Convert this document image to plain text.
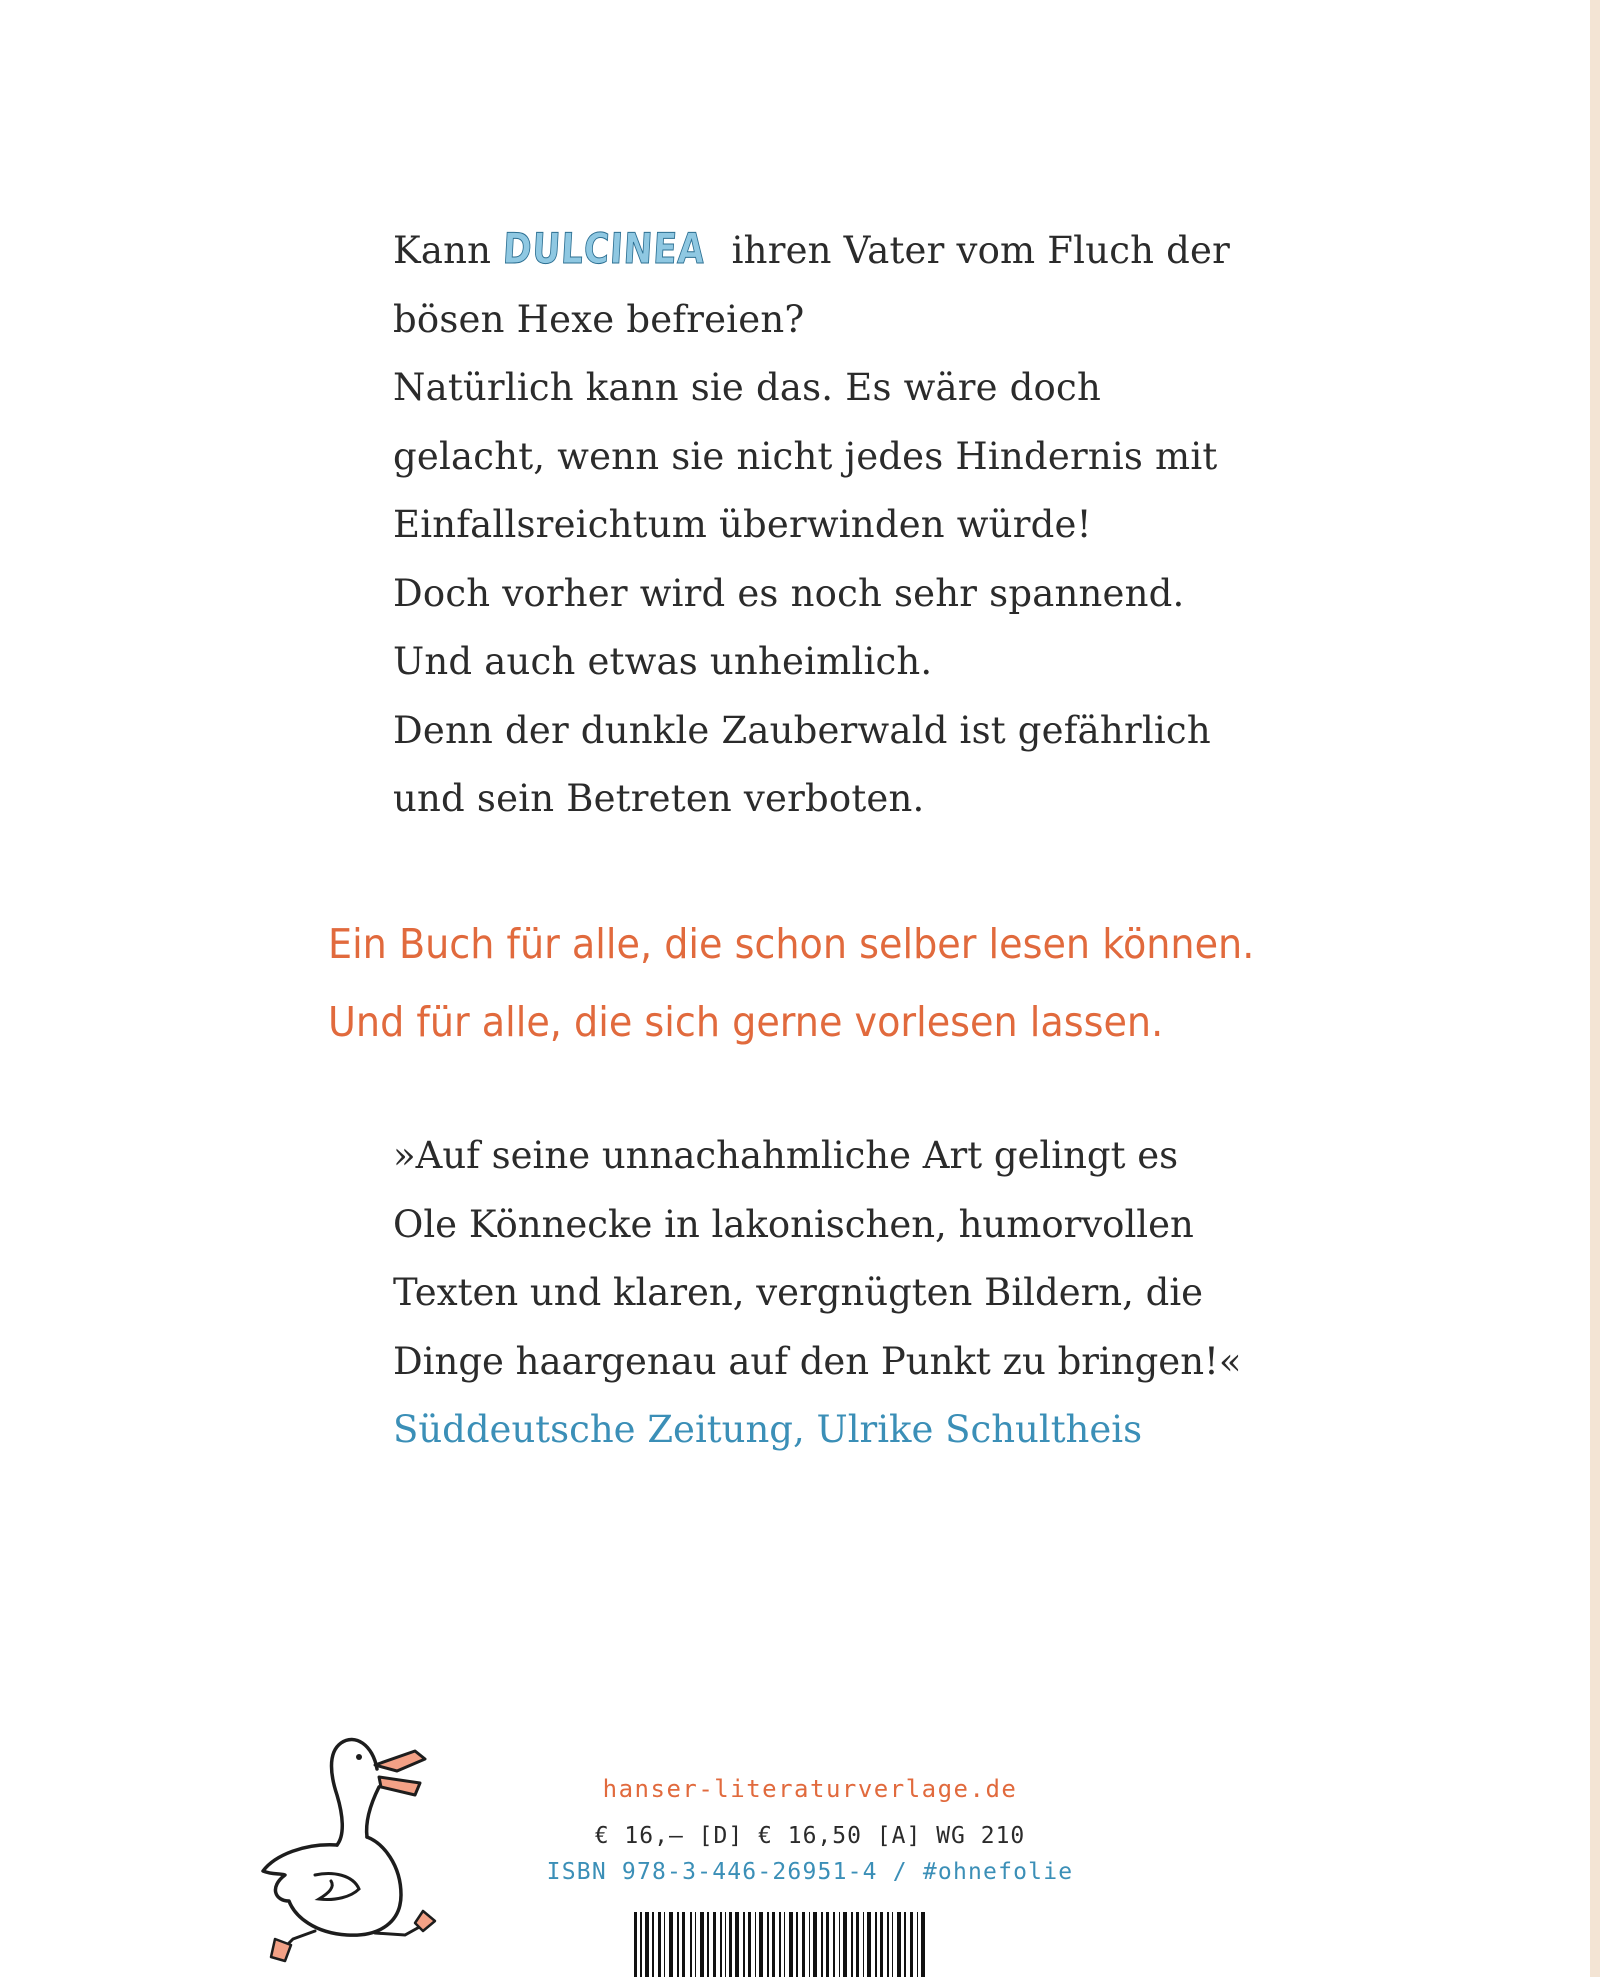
Kann DULCINEA ihren Vater vom Fluch der
bösen Hexe befreien?
Natürlich kann sie das. Es wäre doch
gelacht, wenn sie nicht jedes Hindernis mit
Einfallsreichtum überwinden würde!
Doch vorher wird es noch sehr spannend.
Und auch etwas unheimlich.
Denn der dunkle Zauberwald ist gefährlich
und sein Betreten verboten.
Ein Buch für alle, die schon selber lesen können.
Und für alle, die sich gerne vorlesen lassen.
»Auf seine unnachahmliche Art gelingt es
Ole Könnecke in lakonischen, humorvollen
Texten und klaren, vergnügten Bildern, die
Dinge haargenau auf den Punkt zu bringen!«
Süddeutsche Zeitung, Ulrike Schultheis
hanser-literaturverlage.de
€ 16,– [D] € 16,50 [A] WG 210
ISBN 978-3-446-26951-4 / #ohnefolie
